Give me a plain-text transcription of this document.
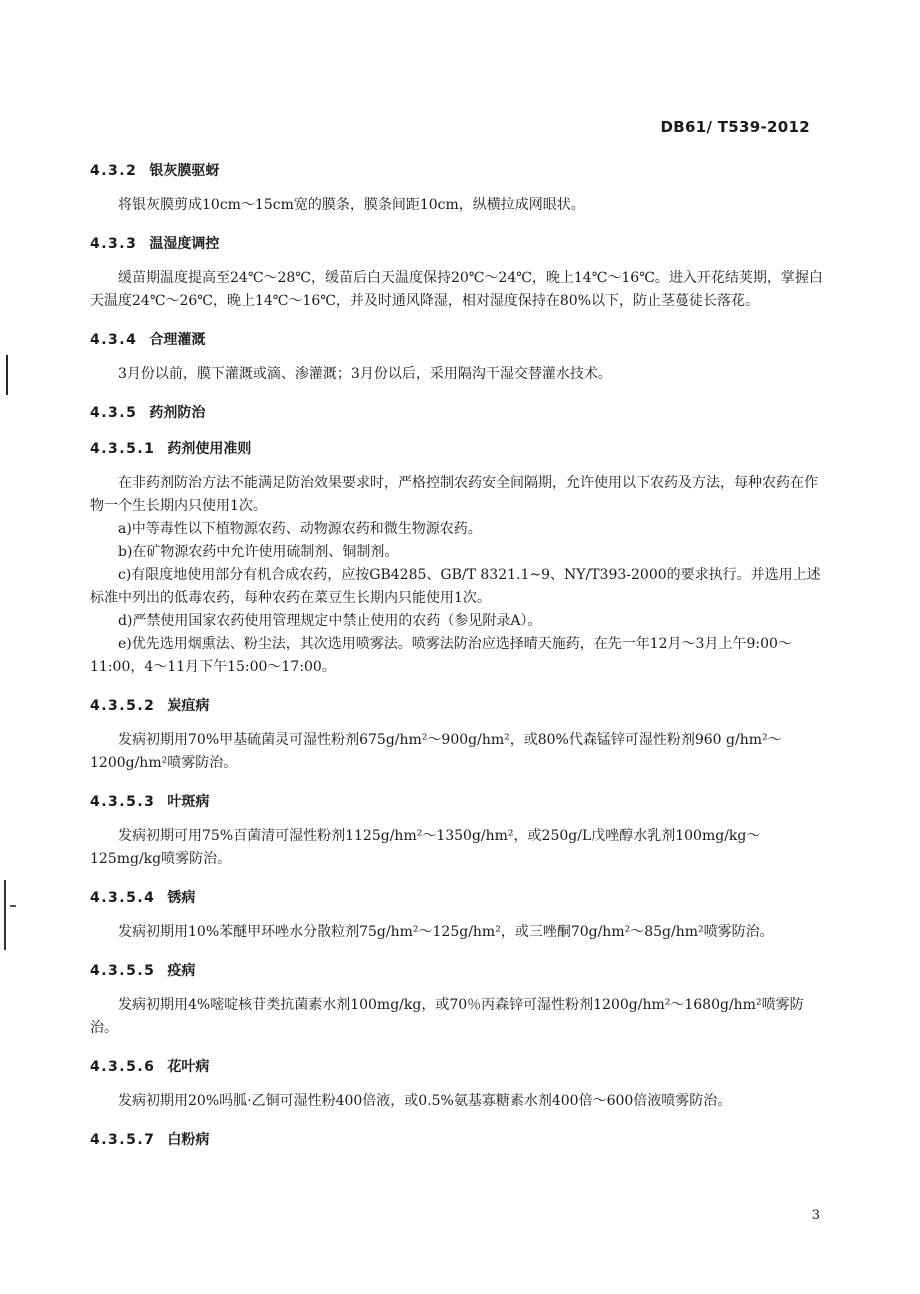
DB61/ T539-2012
4.3.2 银灰膜驱蚜

将银灰膜剪成10cm～15cm宽的膜条，膜条间距10cm，纵横拉成网眼状。

4.3.3 温湿度调控

缓苗期温度提高至24℃～28℃，缓苗后白天温度保持20℃～24℃，晚上14℃～16℃。进入开花结荚期，掌握白天温度24℃～26℃，晚上14℃～16℃，并及时通风降湿，相对湿度保持在80%以下，防止茎蔓徒长落花。

4.3.4 合理灌溉

3月份以前，膜下灌溉或滴、渗灌溉；3月份以后，采用隔沟干湿交替灌水技术。

4.3.5 药剂防治
4.3.5.1 药剂使用准则

在非药剂防治方法不能满足防治效果要求时，严格控制农药安全间隔期，允许使用以下农药及方法，每种农药在作物一个生长期内只使用1次。

a)中等毒性以下植物源农药、动物源农药和微生物源农药。

b)在矿物源农药中允许使用硫制剂、铜制剂。

c)有限度地使用部分有机合成农药，应按GB4285、GB/T 8321.1~9、NY/T393-2000的要求执行。并选用上述标准中列出的低毒农药，每种农药在菜豆生长期内只能使用1次。

d)严禁使用国家农药使用管理规定中禁止使用的农药（参见附录A）。

e)优先选用烟熏法、粉尘法，其次选用喷雾法。喷雾法防治应选择晴天施药，在先一年12月～3月上午9:00～11:00，4～11月下午15:00～17:00。

4.3.5.2 炭疽病

发病初期用70%甲基硫菌灵可湿性粉剂675g/hm²～900g/hm²，或80%代森锰锌可湿性粉剂960 g/hm²～1200g/hm²喷雾防治。

4.3.5.3 叶斑病

发病初期可用75%百菌清可湿性粉剂1125g/hm²～1350g/hm²，或250g/L戊唑醇水乳剂100mg/kg～125mg/kg喷雾防治。

4.3.5.4 锈病

发病初期用10%苯醚甲环唑水分散粒剂75g/hm²～125g/hm²，或三唑酮70g/hm²～85g/hm²喷雾防治。

4.3.5.5 疫病

发病初期用4%嘧啶核苷类抗菌素水剂100mg/kg，或70％丙森锌可湿性粉剂1200g/hm²～1680g/hm²喷雾防治。

4.3.5.6 花叶病

发病初期用20%吗胍·乙铜可湿性粉400倍液，或0.5%氨基寡糖素水剂400倍～600倍液喷雾防治。

4.3.5.7 白粉病
3
